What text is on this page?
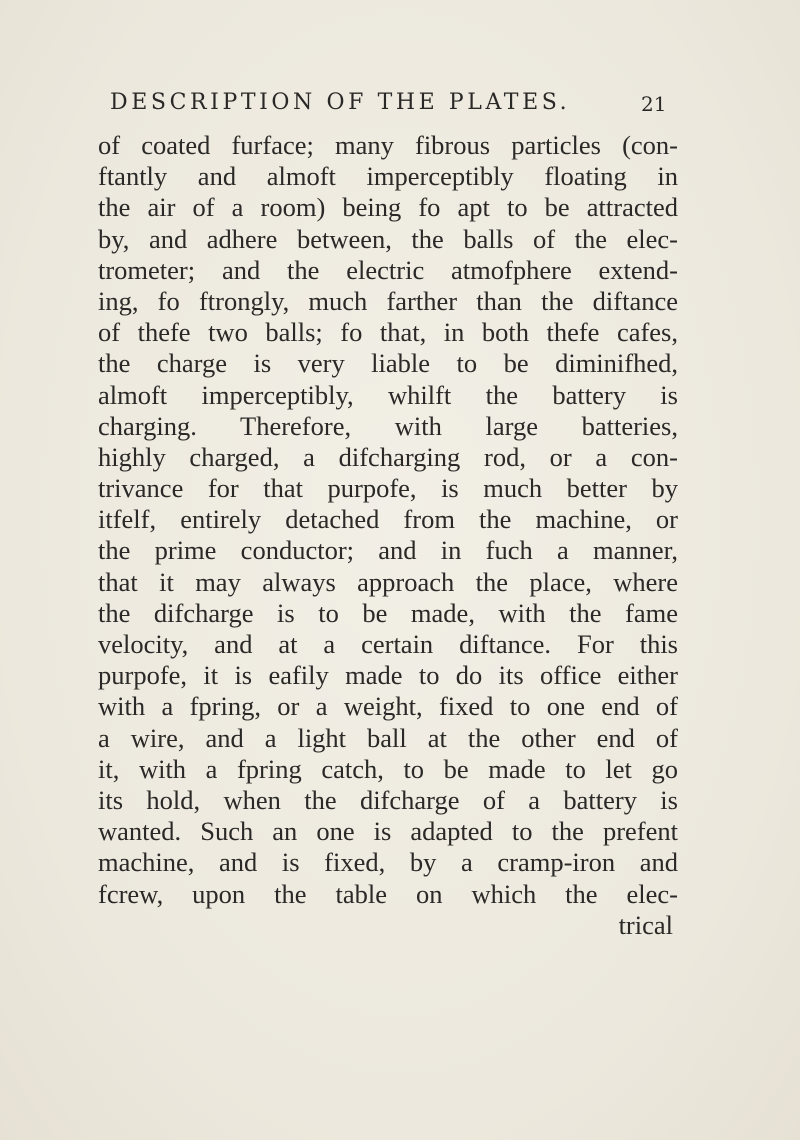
DESCRIPTION OF THE PLATES.	21
of coated furface; many fibrous particles (con-
ftantly and almoft imperceptibly floating in
the air of a room) being fo apt to be attracted
by, and adhere between, the balls of the elec-
trometer; and the electric atmofphere extend-
ing, fo ftrongly, much farther than the diftance
of thefe two balls; fo that, in both thefe cafes,
the charge is very liable to be diminifhed,
almoft imperceptibly, whilft the battery is
charging. Therefore, with large batteries,
highly charged, a difcharging rod, or a con-
trivance for that purpofe, is much better by
itfelf, entirely detached from the machine, or
the prime conductor; and in fuch a manner,
that it may always approach the place, where
the difcharge is to be made, with the fame
velocity, and at a certain diftance. For this
purpofe, it is eafily made to do its office either
with a fpring, or a weight, fixed to one end of
a wire, and a light ball at the other end of
it, with a fpring catch, to be made to let go
its hold, when the difcharge of a battery is
wanted. Such an one is adapted to the prefent
machine, and is fixed, by a cramp-iron and
fcrew, upon the table on which the elec-
trical
